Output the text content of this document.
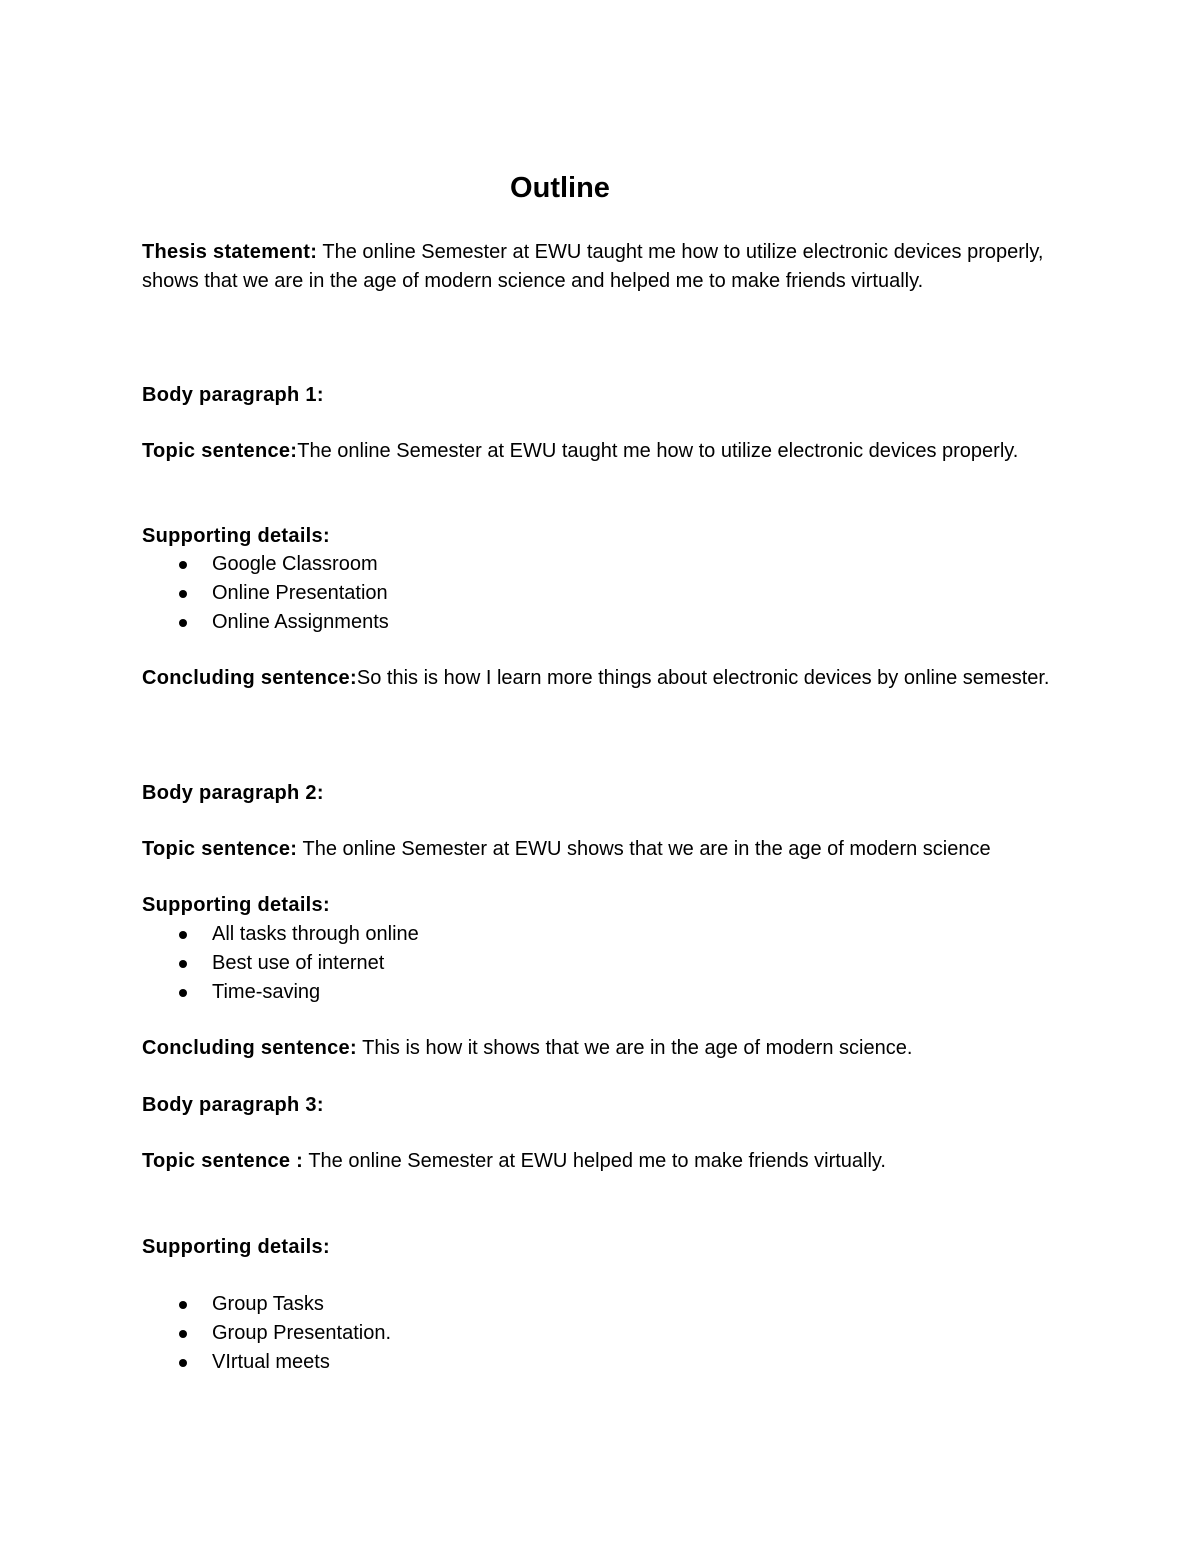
Outline
Thesis statement: The online Semester at EWU taught me how to utilize electronic devices properly, shows that we are in the age of modern science and helped me to make friends virtually.
Body paragraph 1:
Topic sentence:The online Semester at EWU taught me how to utilize electronic devices properly.
Supporting details:
Google Classroom
Online Presentation
Online Assignments
Concluding sentence:So this is how I learn more things about electronic devices by online semester.
Body paragraph 2:
Topic sentence: The online Semester at EWU shows that we are in the age of modern science
Supporting details:
All tasks through online
Best use of internet
Time-saving
Concluding sentence: This is how it shows that we are in the age of modern science.
Body paragraph 3:
Topic sentence : The online Semester at EWU helped me to make friends virtually.
Supporting details:
Group Tasks
Group Presentation.
VIrtual meets
